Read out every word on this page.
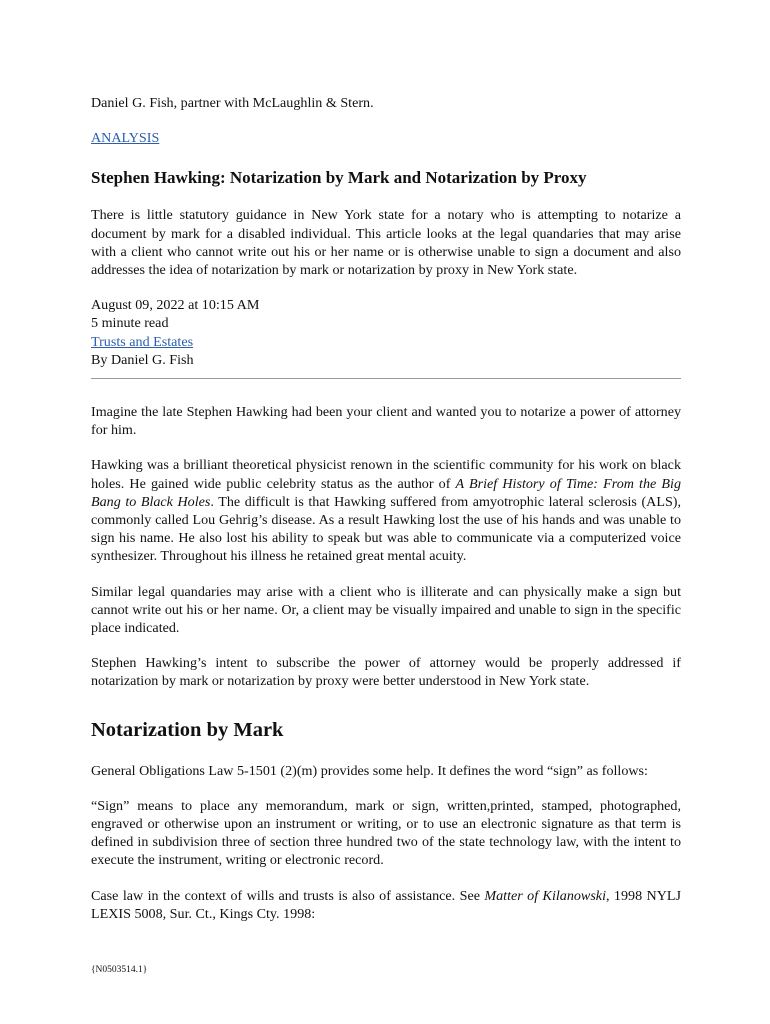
Daniel G. Fish, partner with McLaughlin & Stern.

ANALYSIS
Stephen Hawking: Notarization by Mark and Notarization by Proxy

There is little statutory guidance in New York state for a notary who is attempting to notarize a document by mark for a disabled individual. This article looks at the legal quandaries that may arise with a client who cannot write out his or her name or is otherwise unable to sign a document and also addresses the idea of notarization by mark or notarization by proxy in New York state.

August 09, 2022 at 10:15 AM
5 minute read
Trusts and Estates
By Daniel G. Fish

Imagine the late Stephen Hawking had been your client and wanted you to notarize a power of attorney for him.

Hawking was a brilliant theoretical physicist renown in the scientific community for his work on black holes. He gained wide public celebrity status as the author of A Brief History of Time: From the Big Bang to Black Holes. The difficult is that Hawking suffered from amyotrophic lateral sclerosis (ALS), commonly called Lou Gehrig’s disease. As a result Hawking lost the use of his hands and was unable to sign his name. He also lost his ability to speak but was able to communicate via a computerized voice synthesizer. Throughout his illness he retained great mental acuity.

Similar legal quandaries may arise with a client who is illiterate and can physically make a sign but cannot write out his or her name. Or, a client may be visually impaired and unable to sign in the specific place indicated.

Stephen Hawking’s intent to subscribe the power of attorney would be properly addressed if notarization by mark or notarization by proxy were better understood in New York state.

Notarization by Mark

General Obligations Law 5-1501 (2)(m) provides some help. It defines the word “sign” as follows:

“Sign” means to place any memorandum, mark or sign, written,printed, stamped, photographed, engraved or otherwise upon an instrument or writing, or to use an electronic signature as that term is defined in subdivision three of section three hundred two of the state technology law, with the intent to execute the instrument, writing or electronic record.

Case law in the context of wills and trusts is also of assistance. See Matter of Kilanowski, 1998 NYLJ LEXIS 5008, Sur. Ct., Kings Cty. 1998:

{N0503514.1}
